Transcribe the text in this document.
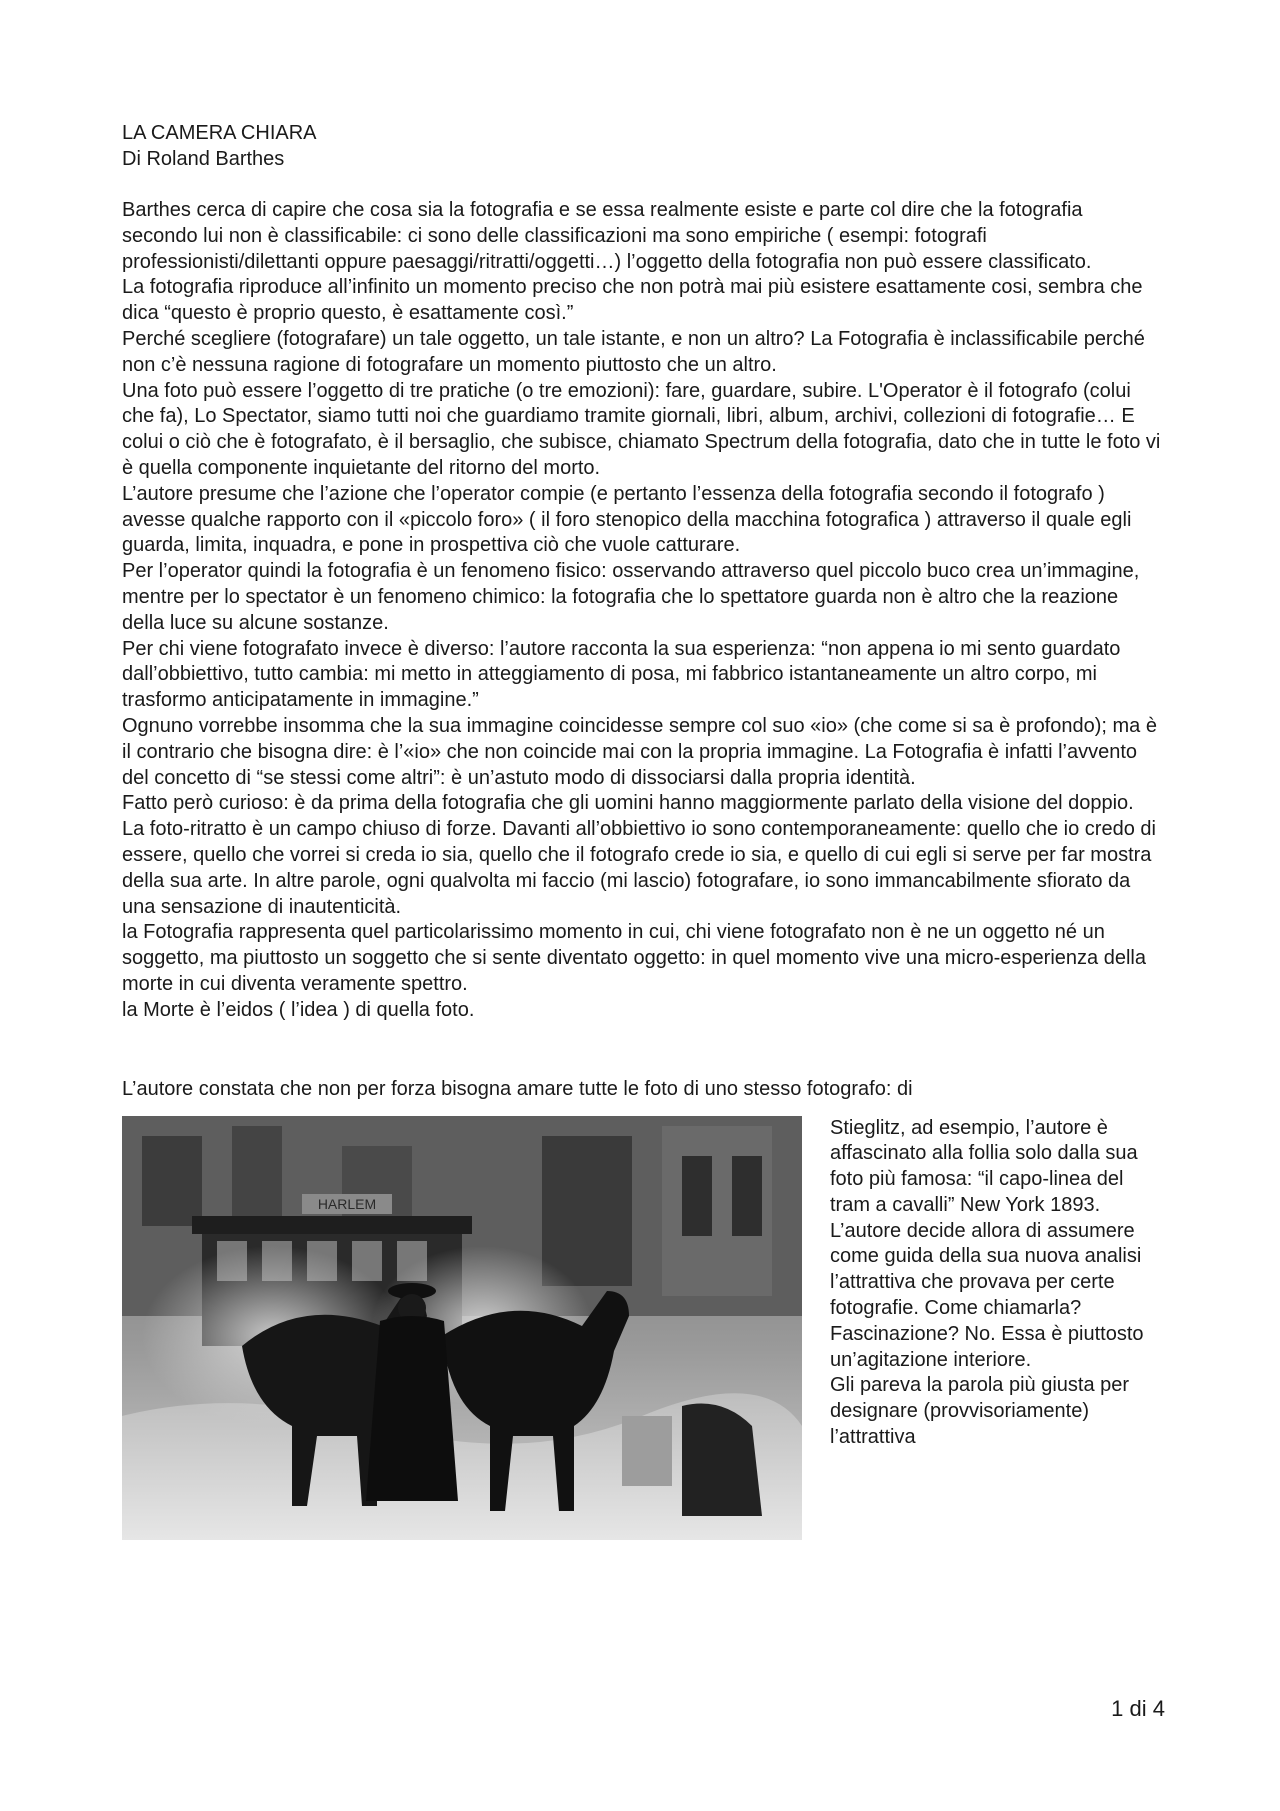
LA CAMERA CHIARA

Di Roland Barthes

Barthes cerca di capire che cosa sia la fotografia e se essa realmente esiste e parte col dire che la fotografia secondo lui non è classificabile: ci sono delle classificazioni ma sono empiriche ( esempi: fotografi professionisti/dilettanti oppure paesaggi/ritratti/oggetti…) l’oggetto della fotografia non può essere classificato.

La fotografia riproduce all’infinito un momento preciso che non potrà mai più esistere esattamente cosi, sembra che dica “questo è proprio questo, è esattamente così.”

Perché scegliere (fotografare) un tale oggetto, un tale istante, e non un altro? La Fotografia è inclassificabile perché non c’è nessuna ragione di fotografare un momento piuttosto che un altro.

Una foto può essere l’oggetto di tre pratiche (o tre emozioni): fare, guardare, subire. L'Operator è il fotografo (colui che fa), Lo Spectator, siamo tutti noi che guardiamo tramite giornali, libri, album, archivi, collezioni di fotografie… E colui o ciò che è fotografato, è il bersaglio, che subisce, chiamato Spectrum della fotografia, dato che in tutte le foto vi è quella componente inquietante del ritorno del morto.

L’autore presume che l’azione che l’operator compie (e pertanto l’essenza della fotografia secondo il fotografo ) avesse qualche rapporto con il «piccolo foro» ( il foro stenopico della macchina fotografica ) attraverso il quale egli guarda, limita, inquadra, e pone in prospettiva ciò che vuole catturare.

Per l’operator quindi la fotografia è un fenomeno fisico: osservando attraverso quel piccolo buco crea un’immagine, mentre per lo spectator è un fenomeno chimico: la fotografia che lo spettatore guarda non è altro che la reazione della luce su alcune sostanze.

Per chi viene fotografato invece è diverso: l’autore racconta la sua esperienza: “non appena io mi sento guardato dall’obbiettivo, tutto cambia: mi metto in atteggiamento di posa, mi fabbrico istantaneamente un altro corpo, mi trasformo anticipatamente in immagine.”

Ognuno vorrebbe insomma che la sua immagine coincidesse sempre col suo «io» (che come si sa è profondo); ma è il contrario che bisogna dire: è l’«io» che non coincide mai con la propria immagine. La Fotografia è infatti l’avvento del concetto di “se stessi come altri”: è un’astuto modo di dissociarsi dalla propria identità.

Fatto però curioso: è da prima della fotografia che gli uomini hanno maggiormente parlato della visione del doppio.

La foto-ritratto è un campo chiuso di forze. Davanti all’obbiettivo io sono contemporaneamente: quello che io credo di essere, quello che vorrei si creda io sia, quello che il fotografo crede io sia, e quello di cui egli si serve per far mostra della sua arte. In altre parole, ogni qualvolta mi faccio (mi lascio) fotografare, io sono immancabilmente sfiorato da una sensazione di inautenticità.

la Fotografia rappresenta quel particolarissimo momento in cui, chi viene fotografato non è ne un oggetto né un soggetto, ma piuttosto un soggetto che si sente diventato oggetto: in quel momento vive una micro-esperienza della morte in cui diventa veramente spettro.

la Morte è l’eidos ( l’idea ) di quella foto.

L’autore constata che non per forza bisogna amare tutte le foto di uno stesso fotografo: di

HARLEM

Stieglitz, ad esempio, l’autore è affascinato alla follia solo dalla sua foto più famosa: “il capo-linea del tram a cavalli” New York 1893.

L’autore decide allora di assumere come guida della sua nuova analisi l’attrattiva che provava per certe fotografie. Come chiamarla? Fascinazione? No. Essa è piuttosto un’agitazione interiore.

Gli pareva la parola più giusta per designare (provvisoriamente) l’attrattiva

1 di 4
